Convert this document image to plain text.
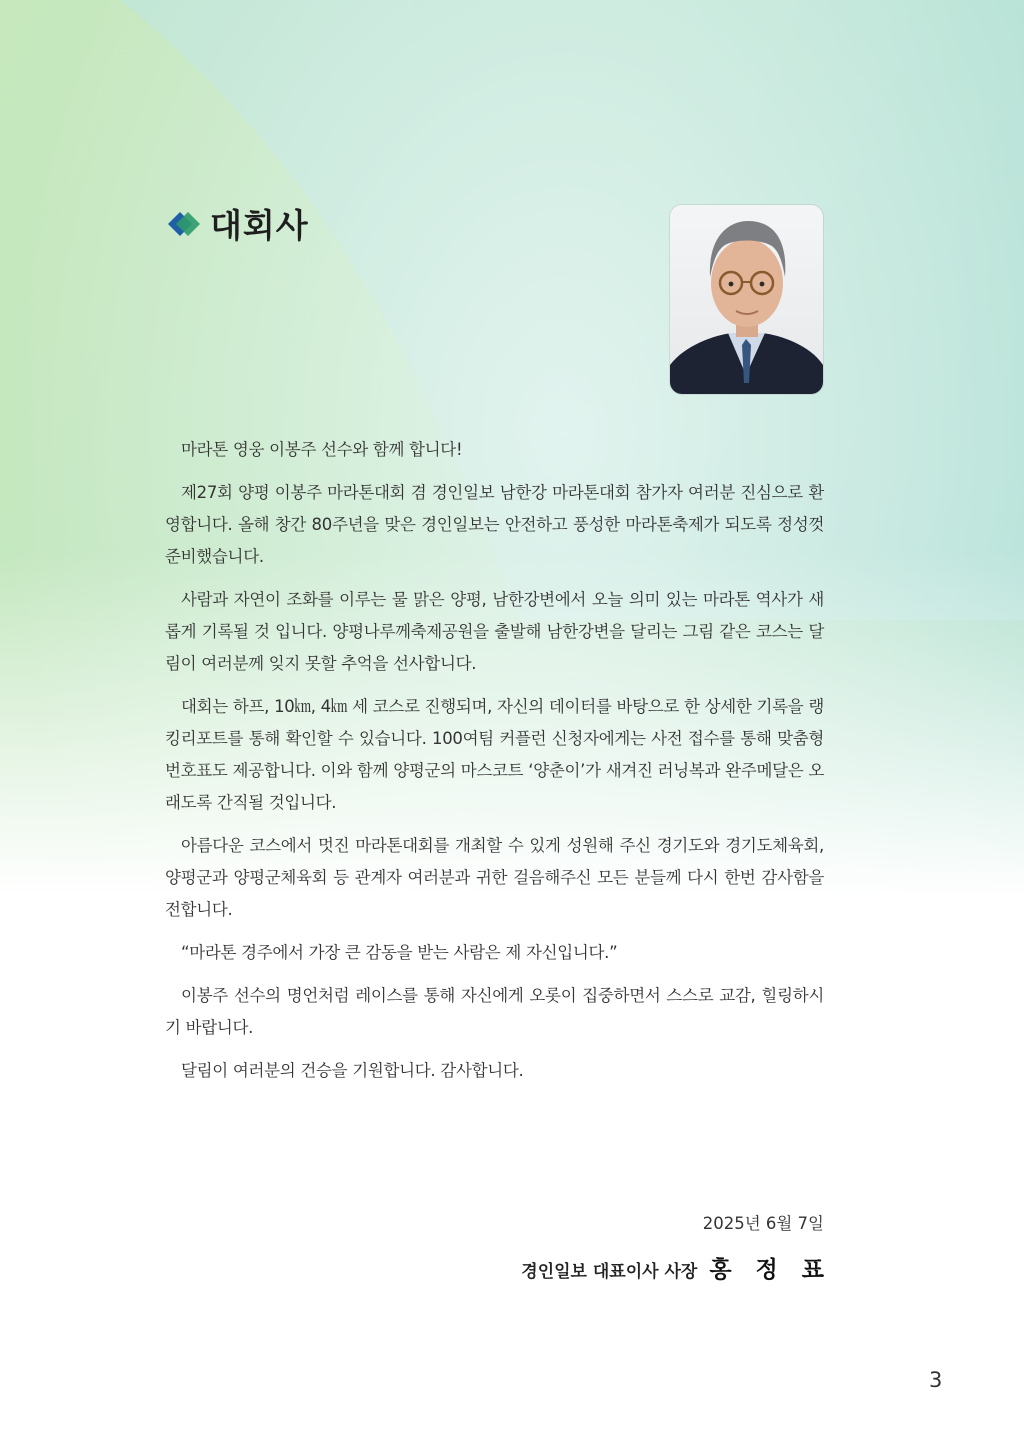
대회사

마라톤 영웅 이봉주 선수와 함께 합니다!

제27회 양평 이봉주 마라톤대회 겸 경인일보 남한강 마라톤대회 참가자 여러분 진심으로 환영합니다. 올해 창간 80주년을 맞은 경인일보는 안전하고 풍성한 마라톤축제가 되도록 정성껏 준비했습니다.

사람과 자연이 조화를 이루는 물 맑은 양평, 남한강변에서 오늘 의미 있는 마라톤 역사가 새롭게 기록될 것 입니다. 양평나루께축제공원을 출발해 남한강변을 달리는 그림 같은 코스는 달림이 여러분께 잊지 못할 추억을 선사합니다.

대회는 하프, 10㎞, 4㎞ 세 코스로 진행되며, 자신의 데이터를 바탕으로 한 상세한 기록을 랭킹리포트를 통해 확인할 수 있습니다. 100여팀 커플런 신청자에게는 사전 접수를 통해 맞춤형 번호표도 제공합니다. 이와 함께 양평군의 마스코트 ‘양춘이’가 새겨진 러닝복과 완주메달은 오래도록 간직될 것입니다.

아름다운 코스에서 멋진 마라톤대회를 개최할 수 있게 성원해 주신 경기도와 경기도체육회, 양평군과 양평군체육회 등 관계자 여러분과 귀한 걸음해주신 모든 분들께 다시 한번 감사함을 전합니다.

“마라톤 경주에서 가장 큰 감동을 받는 사람은 제 자신입니다.”

이봉주 선수의 명언처럼 레이스를 통해 자신에게 오롯이 집중하면서 스스로 교감, 힐링하시기 바랍니다.

달림이 여러분의 건승을 기원합니다. 감사합니다.

2025년 6월 7일
경인일보 대표이사 사장 홍 정 표
3
